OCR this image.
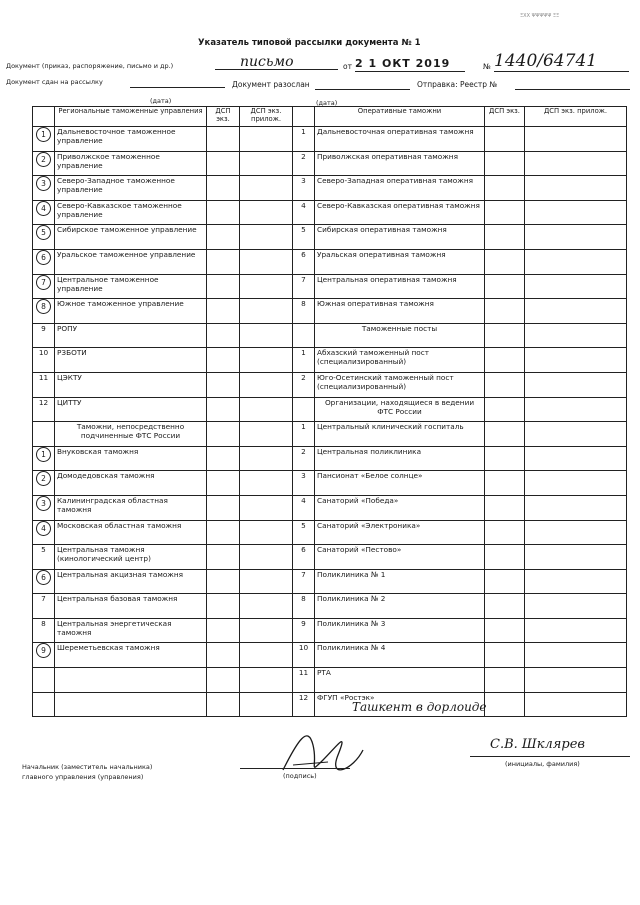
ΞΧΧ ΨΨΨΨΨ ΞΞ
Указатель типовой рассылки документа № 1
Документ (приказ, распоряжение, письмо и др.)	письмо	от 2 1 ОКТ 2019	№ 1440/64741
Документ сдан на рассылку	Документ разослан	Отправка: Реестр №
(дата)	(дата)
	Региональные таможенные управления	ДСП экз.	ДСП экз. прилож.		Оперативные таможни	ДСП экз.	ДСП экз. прилож.
1	Дальневосточное таможенное управление			1	Дальневосточная оперативная таможня		
2	Приволжское таможенное управление			2	Приволжская оперативная таможня		
3	Северо-Западное таможенное управление			3	Северо-Западная оперативная таможня		
4	Северо-Кавказское таможенное управление			4	Северо-Кавказская оперативная таможня		
5	Сибирское таможенное управление			5	Сибирская оперативная таможня		
6	Уральское таможенное управление			6	Уральская оперативная таможня		
7	Центральное таможенное управление			7	Центральная оперативная таможня		
8	Южное таможенное управление			8	Южная оперативная таможня		
9	РОПУ				Таможенные посты		
10	РЗБОТИ			1	Абхазский таможенный пост (специализированный)		
11	ЦЭКТУ			2	Юго-Осетинский таможенный пост (специализированный)		
12	ЦИТТУ				Организации, находящиеся в ведении ФТС России		
	Таможни, непосредственно подчиненные ФТС России			1	Центральный клинический госпиталь		
1	Внуковская таможня			2	Центральная поликлиника		
2	Домодедовская таможня			3	Пансионат «Белое солнце»		
3	Калининградская областная таможня			4	Санаторий «Победа»		
4	Московская областная таможня			5	Санаторий «Электроника»		
5	Центральная таможня (кинологический центр)			6	Санаторий «Пестово»		
6	Центральная акцизная таможня			7	Поликлиника № 1		
7	Центральная базовая таможня			8	Поликлиника № 2		
8	Центральная энергетическая таможня			9	Поликлиника № 3		
9	Шереметьевская таможня			10	Поликлиника № 4		
				11	РТА		
				12	ФГУП «Ростэк»		
Ташкент в дорлоиде
Начальник (заместитель начальника) главного управления (управления)	(подпись)
С.В. Шклярев
(инициалы, фамилия)
